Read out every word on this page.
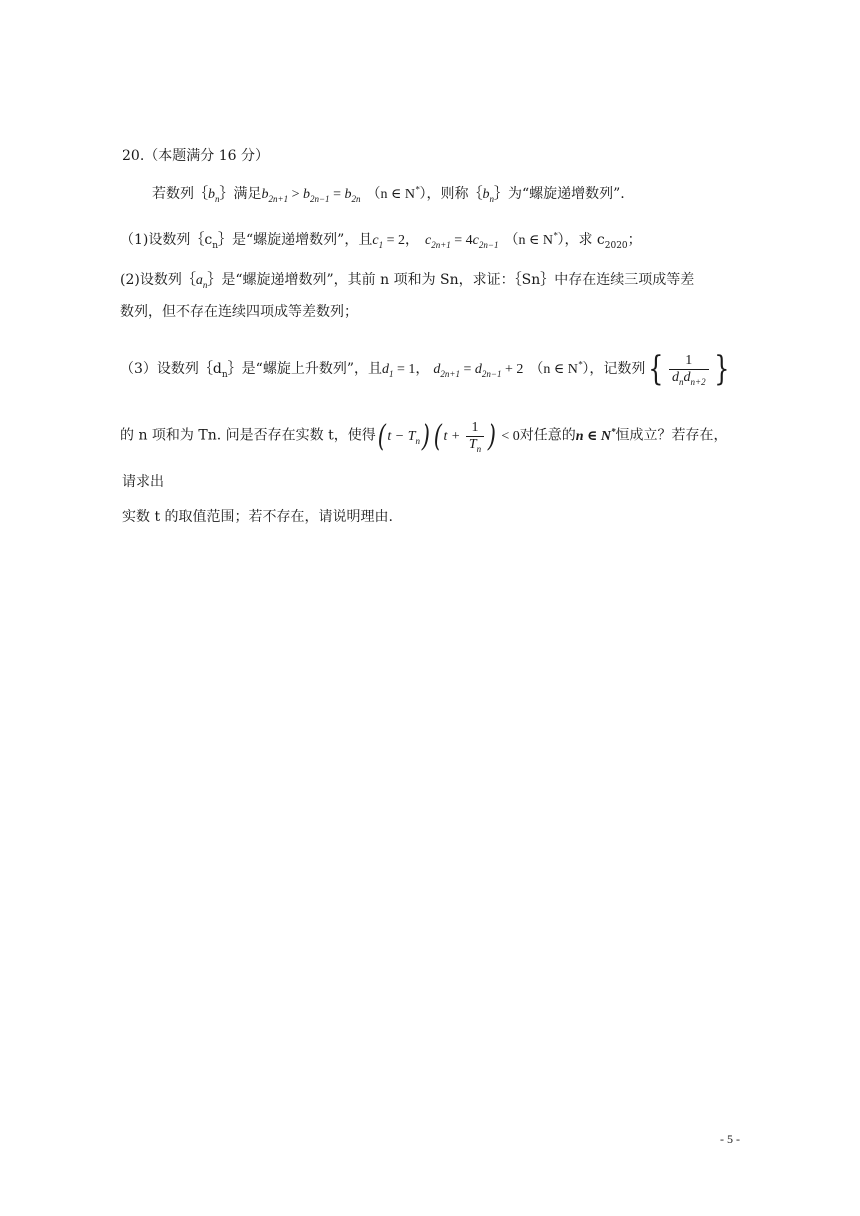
20.（本题满分 16 分）
若数列$\{b_n\}$满足$b_{2n+1} > b_{2n-1} = b_{2n}$ （n ∈ N*），则称$\{b_n\}$为“螺旋递增数列”.
（1)设数列$\{c_n\}$是“螺旋递增数列”，且$c_1 = 2$， $c_{2n+1} = 4c_{2n-1}$ （n ∈ N*），求 $c_{2020}$；
(2)设数列$\{a_n\}$是“螺旋递增数列”，其前 n 项和为 Sn，求证：｛Sn｝中存在连续三项成等差
数列，但不存在连续四项成等差数列；
（3）设数列$\{d_n\}$是“螺旋上升数列”，且$d_1 = 1$， $d_{2n+1} = d_{2n-1} + 2$ （n ∈ N*），记数列{ $\frac{1}{d_nd_{n+2}}$ }
的 n 项和为 Tn. 问是否存在实数 t，使得( $t - T_n$) ( $t + \frac{1}{T_n}$ ) < 0对任意的n ∈ N*恒成立？若存在，
请求出
实数 t 的取值范围；若不存在，请说明理由.
- 5 -
